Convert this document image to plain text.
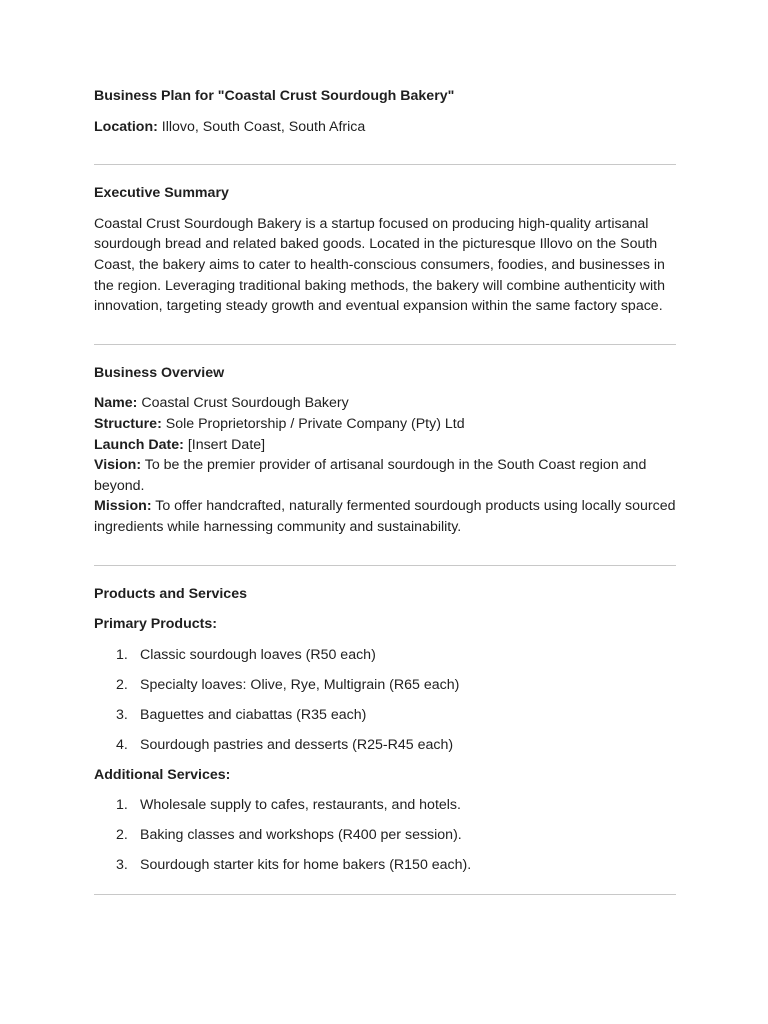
Business Plan for "Coastal Crust Sourdough Bakery"

Location: Illovo, South Coast, South Africa

Executive Summary

Coastal Crust Sourdough Bakery is a startup focused on producing high-quality artisanal sourdough bread and related baked goods. Located in the picturesque Illovo on the South Coast, the bakery aims to cater to health-conscious consumers, foodies, and businesses in the region. Leveraging traditional baking methods, the bakery will combine authenticity with innovation, targeting steady growth and eventual expansion within the same factory space.

Business Overview

Name: Coastal Crust Sourdough Bakery

Structure: Sole Proprietorship / Private Company (Pty) Ltd

Launch Date: [Insert Date]

Vision: To be the premier provider of artisanal sourdough in the South Coast region and beyond.

Mission: To offer handcrafted, naturally fermented sourdough products using locally sourced ingredients while harnessing community and sustainability.

Products and Services

Primary Products:

1. Classic sourdough loaves (R50 each)
2. Specialty loaves: Olive, Rye, Multigrain (R65 each)
3. Baguettes and ciabattas (R35 each)
4. Sourdough pastries and desserts (R25-R45 each)

Additional Services:

1. Wholesale supply to cafes, restaurants, and hotels.
2. Baking classes and workshops (R400 per session).
3. Sourdough starter kits for home bakers (R150 each).
